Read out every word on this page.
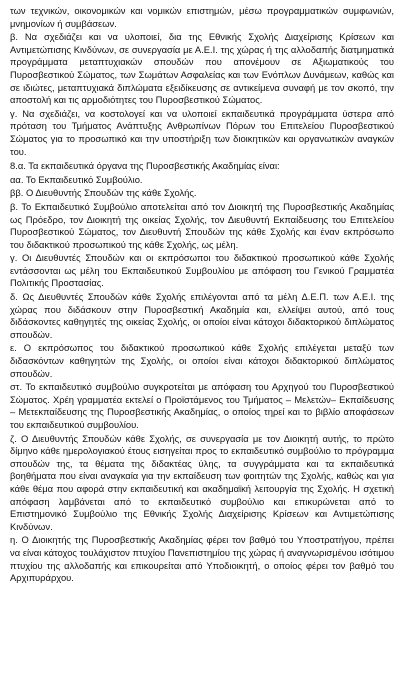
των τεχνικών, οικονομικών και νομικών επιστημών, μέσω προγραμματικών συμφωνιών, μνημονίων ή συμβάσεων.

β. Να σχεδιάζει και να υλοποιεί, δια της Εθνικής Σχολής Διαχείρισης Κρίσεων και Αντιμετώπισης Κινδύνων, σε συνεργασία με Α.Ε.Ι. της χώρας ή της αλλοδαπής διατμηματικά προγράμματα μεταπτυχιακών σπουδών που απονέμουν σε Αξιωματικούς του Πυροσβεστικού Σώματος, των Σωμάτων Ασφαλείας και των Ενόπλων Δυνάμεων, καθώς και σε ιδιώτες, μεταπτυχιακά διπλώματα εξειδίκευσης σε αντικείμενα συναφή με τον σκοπό, την αποστολή και τις αρμοδιότητες του Πυροσβεστικού Σώματος.

γ. Να σχεδιάζει, να κοστολογεί και να υλοποιεί εκπαιδευτικά προγράμματα ύστερα από πρόταση του Τμήματος Ανάπτυξης Ανθρωπίνων Πόρων του Επιτελείου Πυροσβεστικού Σώματος για το προσωπικό και την υποστήριξη των διοικητικών και οργανωτικών αναγκών του.

8.α. Τα εκπαιδευτικά όργανα της Πυροσβεστικής Ακαδημίας είναι:

αα. Το Εκπαιδευτικό Συμβούλιο.

ββ. Ο Διευθυντής Σπουδών της κάθε Σχολής.

β. Το Εκπαιδευτικό Συμβούλιο αποτελείται από τον Διοικητή της Πυροσβεστικής Ακαδημίας ως Πρόεδρο, τον Διοικητή της οικείας Σχολής, τον Διευθυντή Εκπαίδευσης του Επιτελείου Πυροσβεστικού Σώματος, τον Διευθυντή Σπουδών της κάθε Σχολής και έναν εκπρόσωπο του διδακτικού προσωπικού της κάθε Σχολής, ως μέλη.

γ. Οι Διευθυντές Σπουδών και οι εκπρόσωποι του διδακτικού προσωπικού κάθε Σχολής εντάσσονται ως μέλη του Εκπαιδευτικού Συμβουλίου με απόφαση του Γενικού Γραμματέα Πολιτικής Προστασίας.

δ. Ως Διευθυντές Σπουδών κάθε Σχολής επιλέγονται από τα μέλη Δ.Ε.Π. των Α.Ε.Ι. της χώρας που διδάσκουν στην Πυροσβεστική Ακαδημία και, ελλείψει αυτού, από τους διδάσκοντες καθηγητές της οικείας Σχολής, οι οποίοι είναι κάτοχοι διδακτορικού διπλώματος σπουδών.

ε. Ο εκπρόσωπος του διδακτικού προσωπικού κάθε Σχολής επιλέγεται μεταξύ των διδασκόντων καθηγητών της Σχολής, οι οποίοι είναι κάτοχοι διδακτορικού διπλώματος σπουδών.

στ. Το εκπαιδευτικό συμβούλιο συγκροτείται με απόφαση του Αρχηγού του Πυροσβεστικού Σώματος. Χρέη γραμματέα εκτελεί ο Προϊστάμενος του Τμήματος – Μελετών– Εκπαίδευσης – Μετεκπαίδευσης της Πυροσβεστικής Ακαδημίας, ο οποίος τηρεί και το βιβλίο αποφάσεων του εκπαιδευτικού συμβουλίου.

ζ. Ο Διευθυντής Σπουδών κάθε Σχολής, σε συνεργασία με τον Διοικητή αυτής, το πρώτο δίμηνο κάθε ημερολογιακού έτους εισηγείται προς το εκπαιδευτικό συμβούλιο το πρόγραμμα σπουδών της, τα θέματα της διδακτέας ύλης, τα συγγράμματα και τα εκπαιδευτικά βοηθήματα που είναι αναγκαία για την εκπαίδευση των φοιτητών της Σχολής, καθώς και για κάθε θέμα που αφορά στην εκπαιδευτική και ακαδημαϊκή λειτουργία της Σχολής. Η σχετική απόφαση λαμβάνεται από το εκπαιδευτικό συμβούλιο και επικυρώνεται από το Επιστημονικό Συμβούλιο της Εθνικής Σχολής Διαχείρισης Κρίσεων και Αντιμετώπισης Κινδύνων.

η. Ο Διοικητής της Πυροσβεστικής Ακαδημίας φέρει τον βαθμό του Υποστρατήγου, πρέπει να είναι κάτοχος τουλάχιστον πτυχίου Πανεπιστημίου της χώρας ή αναγνωρισμένου ισότιμου πτυχίου της αλλοδαπής και επικουρείται από Υποδιοικητή, ο οποίος φέρει τον βαθμό του Αρχιπυράρχου.
